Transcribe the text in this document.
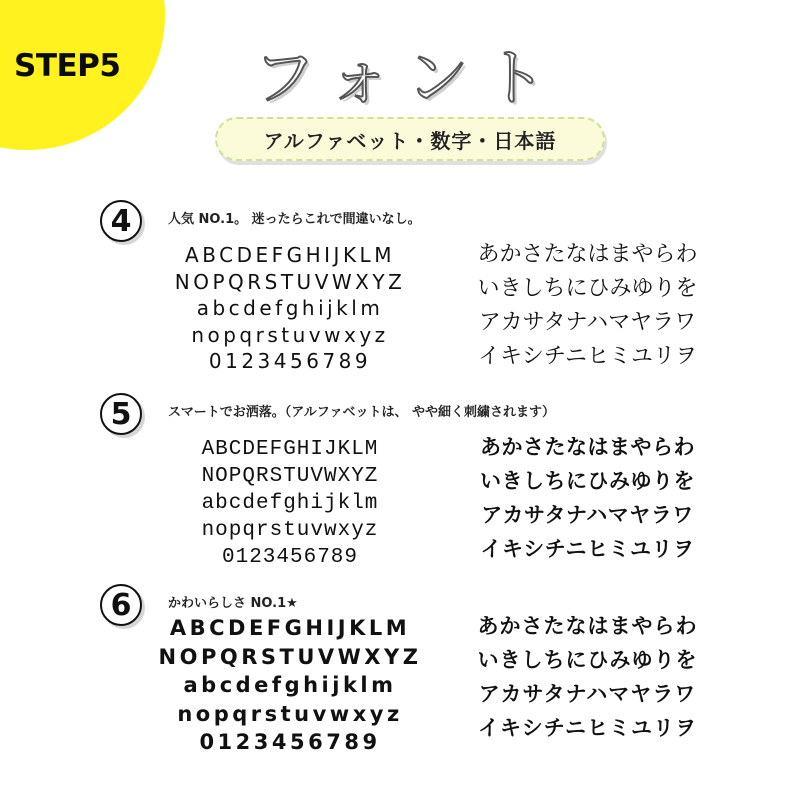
STEP5	フォント
アルファベット・数字・日本語
4	人気 NO.1。 迷ったらこれで間違いなし。
ABCDEFGHIJKLM
NOPQRSTUVWXYZ
abcdefghijklm
nopqrstuvwxyz
0123456789
あかさたなはまやらわ
いきしちにひみゆりを
アカサタナハマヤラワ
イキシチニヒミユリヲ
5	スマートでお洒落。（アルファベットは、 やや細く刺繍されます）
ABCDEFGHIJKLM
NOPQRSTUVWXYZ
abcdefghijklm
nopqrstuvwxyz
0123456789
あかさたなはまやらわ
いきしちにひみゆりを
アカサタナハマヤラワ
イキシチニヒミユリヲ
6	かわいらしさ NO.1★
ABCDEFGHIJKLM
NOPQRSTUVWXYZ
abcdefghijklm
nopqrstuvwxyz
0123456789
あかさたなはまやらわ
いきしちにひみゆりを
アカサタナハマヤラワ
イキシチニヒミユリヲ
